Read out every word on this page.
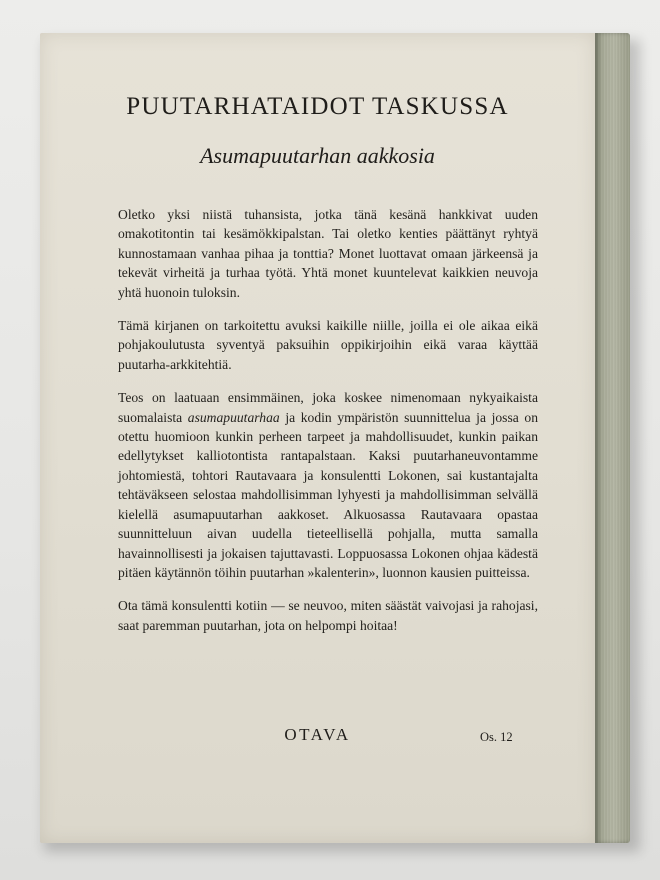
PUUTARHATAIDOT TASKUSSA
Asumapuutarhan aakkosia

Oletko yksi niistä tuhansista, jotka tänä kesänä hankkivat uuden omakotitontin tai kesämökkipalstan. Tai oletko kenties päättänyt ryhtyä kunnostamaan vanhaa pihaa ja tonttia? Monet luottavat omaan järkeensä ja tekevät virheitä ja turhaa työtä. Yhtä monet kuuntelevat kaikkien neuvoja yhtä huonoin tuloksin.

Tämä kirjanen on tarkoitettu avuksi kaikille niille, joilla ei ole aikaa eikä pohjakoulutusta syventyä paksuihin oppikirjoihin eikä varaa käyttää puutarha-arkkitehtiä.

Teos on laatuaan ensimmäinen, joka koskee nimenomaan nykyaikaista suomalaista asumapuutarhaa ja kodin ympäristön suunnittelua ja jossa on otettu huomioon kunkin perheen tarpeet ja mahdollisuudet, kunkin paikan edellytykset kalliotontista rantapalstaan. Kaksi puutarhaneuvontamme johtomiestä, tohtori Rautavaara ja konsulentti Lokonen, sai kustantajalta tehtäväkseen selostaa mahdollisimman lyhyesti ja mahdollisimman selvällä kielellä asumapuutarhan aakkoset. Alkuosassa Rautavaara opastaa suunnitteluun aivan uudella tieteellisellä pohjalla, mutta samalla havainnollisesti ja jokaisen tajuttavasti. Loppuosassa Lokonen ohjaa kädestä pitäen käytännön töihin puutarhan »kalenterin», luonnon kausien puitteissa.

Ota tämä konsulentti kotiin — se neuvoo, miten säästät vaivojasi ja rahojasi, saat paremman puutarhan, jota on helpompi hoitaa!

OTAVA	Os. 12
